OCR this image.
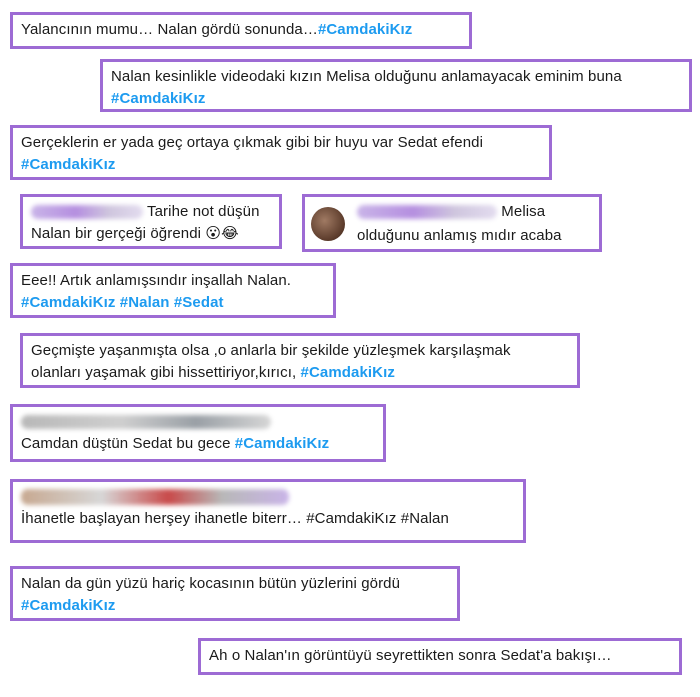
Yalancının mumu… Nalan gördü sonunda…#CamdakiKız
Nalan kesinlikle videodaki kızın Melisa olduğunu anlamayacak eminim buna
#CamdakiKız
Gerçeklerin er yada geç ortaya çıkmak gibi bir huyu var Sedat efendi
#CamdakiKız
Tarihe not düşün
Nalan bir gerçeği öğrendi 😮😂
Melisa
olduğunu anlamış mıdır acaba
Eee!! Artık anlamışsındır inşallah Nalan.
#CamdakiKız #Nalan #Sedat
Geçmişte yaşanmışta olsa ,o anlarla bir şekilde yüzleşmek karşılaşmak
olanları yaşamak gibi hissettiriyor,kırıcı, #CamdakiKız

Camdan düştün Sedat bu gece #CamdakiKız

İhanetle başlayan herşey ihanetle biterr… #CamdakiKız #Nalan
Nalan da gün yüzü hariç kocasının bütün yüzlerini gördü
#CamdakiKız
Ah o Nalan'ın görüntüyü seyrettikten sonra Sedat'a bakışı…
